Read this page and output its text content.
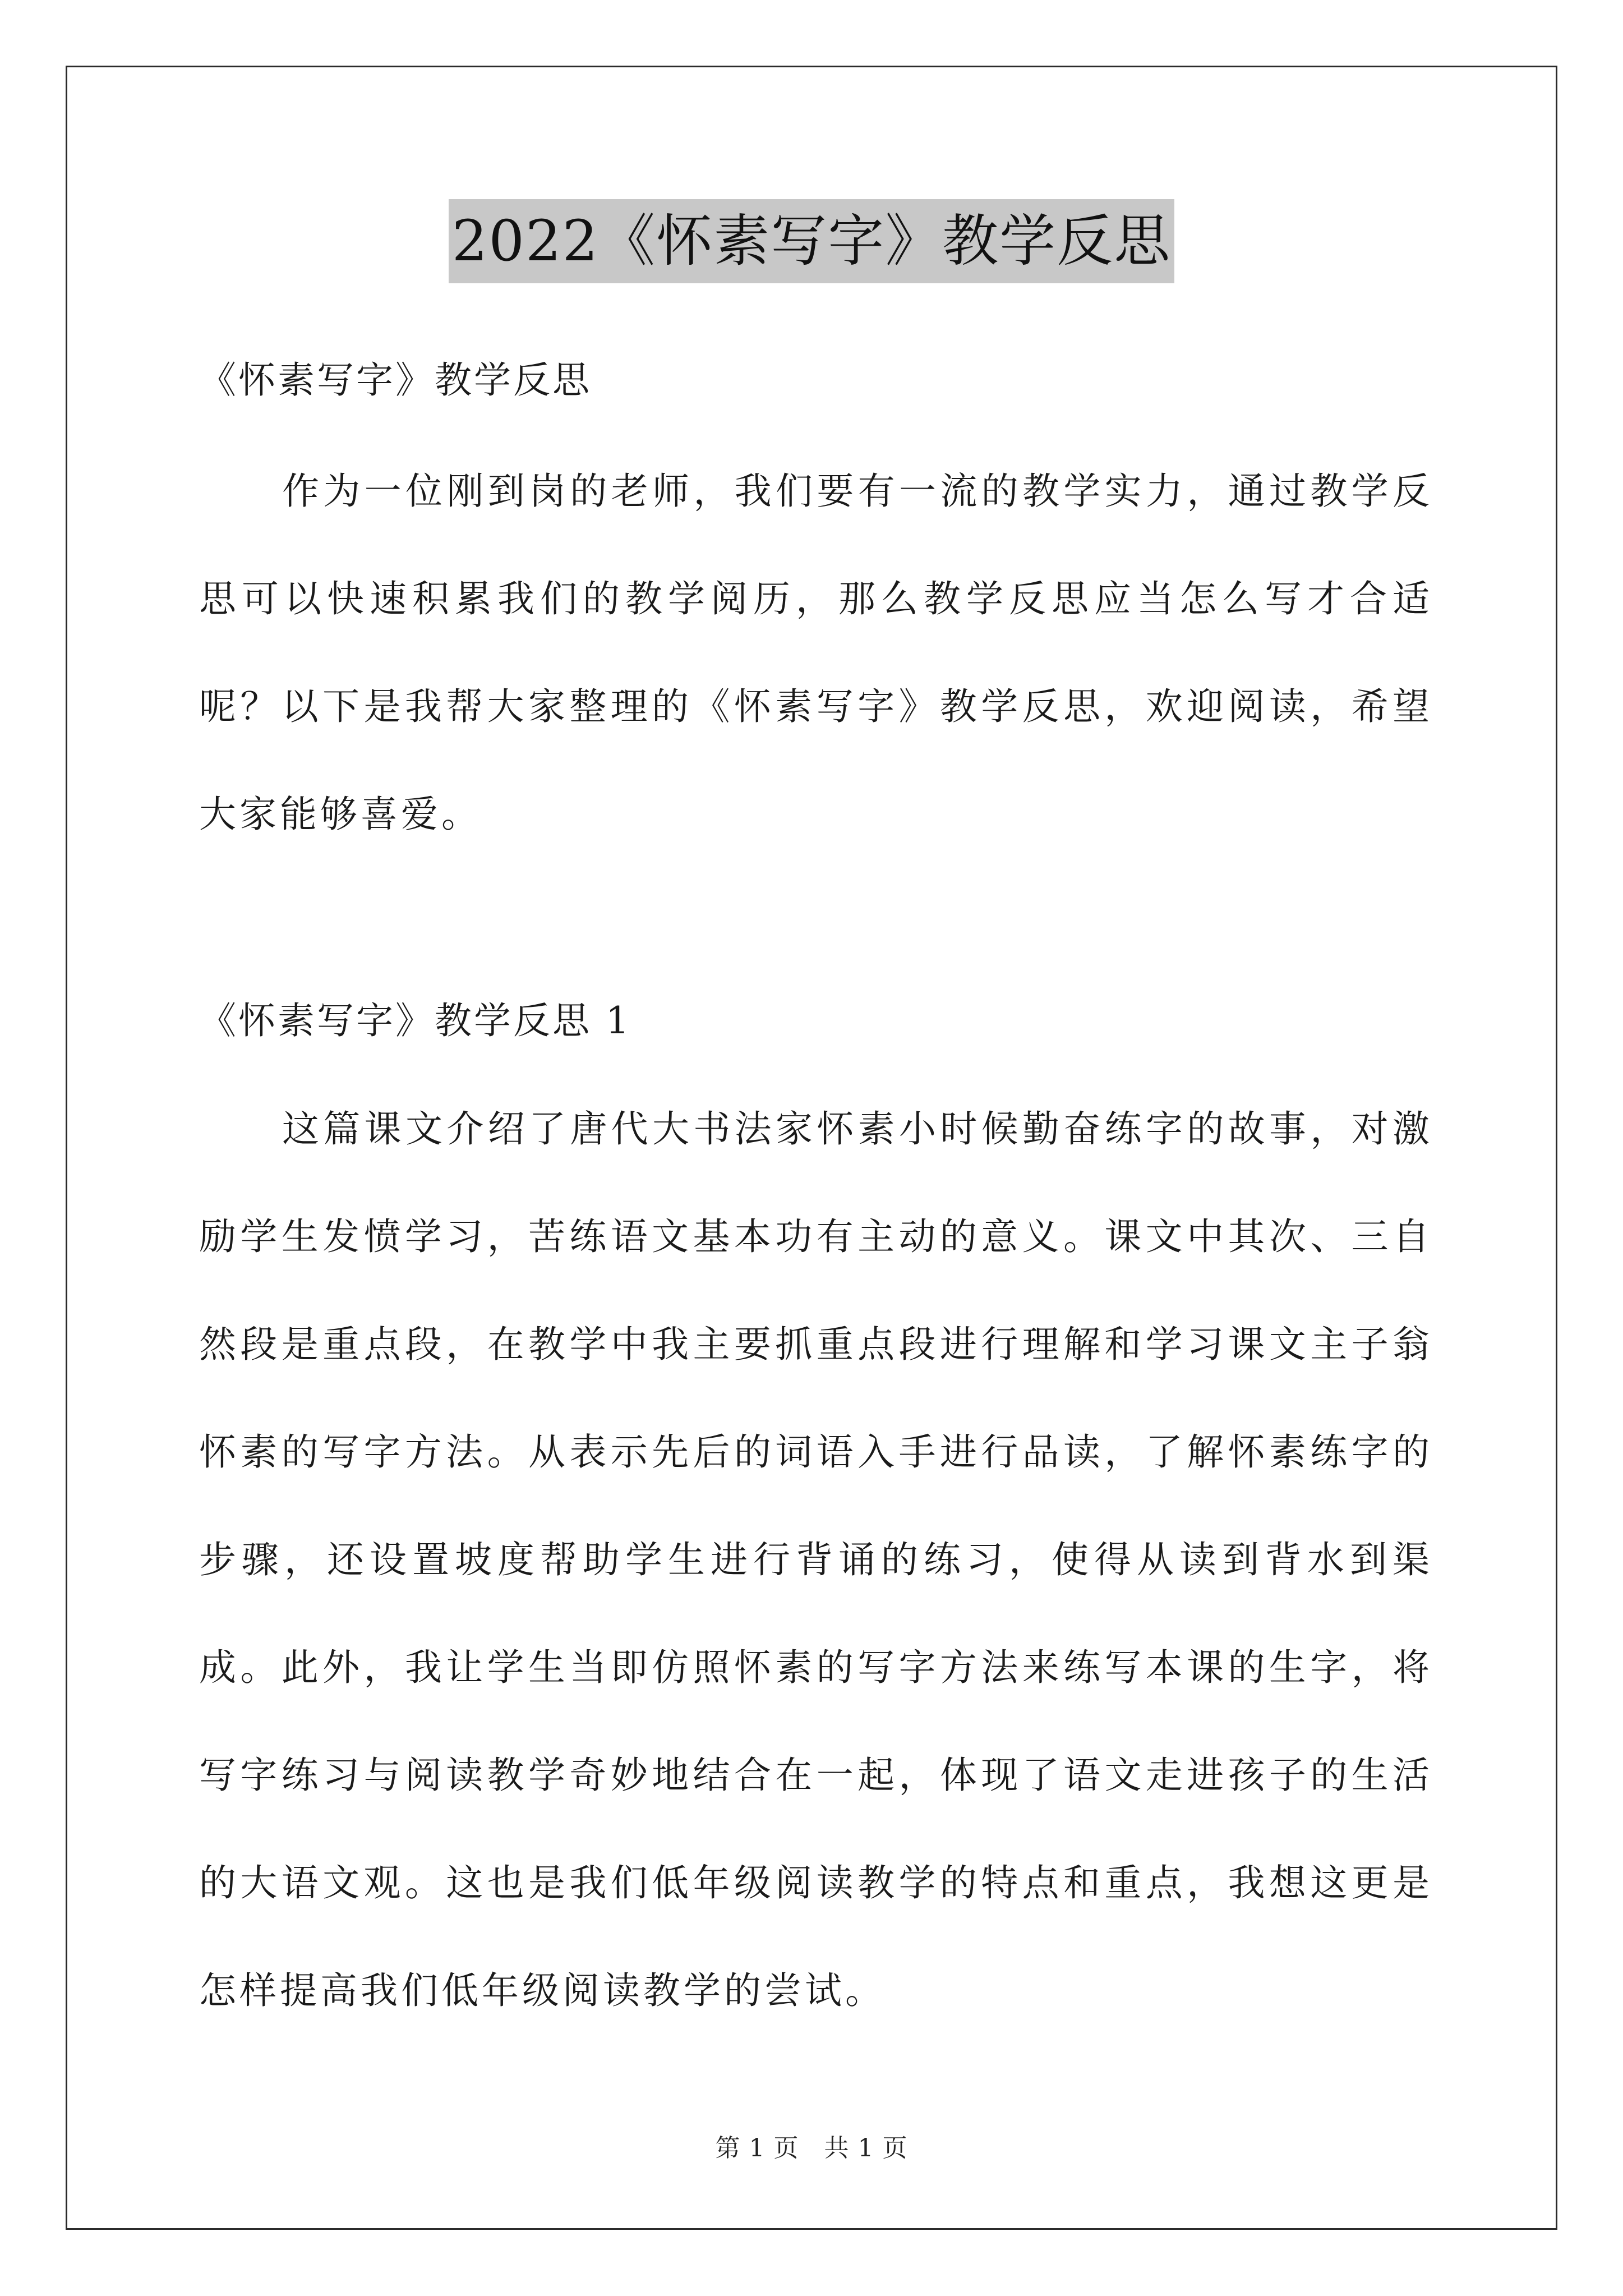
2022《怀素写字》教学反思
《怀素写字》教学反思
作为一位刚到岗的老师，我们要有一流的教学实力，通过教学反思可以快速积累我们的教学阅历，那么教学反思应当怎么写才合适呢？以下是我帮大家整理的《怀素写字》教学反思，欢迎阅读，希望大家能够喜爱。
《怀素写字》教学反思 1
这篇课文介绍了唐代大书法家怀素小时候勤奋练字的故事，对激励学生发愤学习，苦练语文基本功有主动的意义。课文中其次、三自然段是重点段，在教学中我主要抓重点段进行理解和学习课文主子翁怀素的写字方法。从表示先后的词语入手进行品读，了解怀素练字的步骤，还设置坡度帮助学生进行背诵的练习，使得从读到背水到渠成。此外，我让学生当即仿照怀素的写字方法来练写本课的生字，将写字练习与阅读教学奇妙地结合在一起，体现了语文走进孩子的生活的大语文观。这也是我们低年级阅读教学的特点和重点，我想这更是怎样提高我们低年级阅读教学的尝试。
第 1 页　共 1 页
